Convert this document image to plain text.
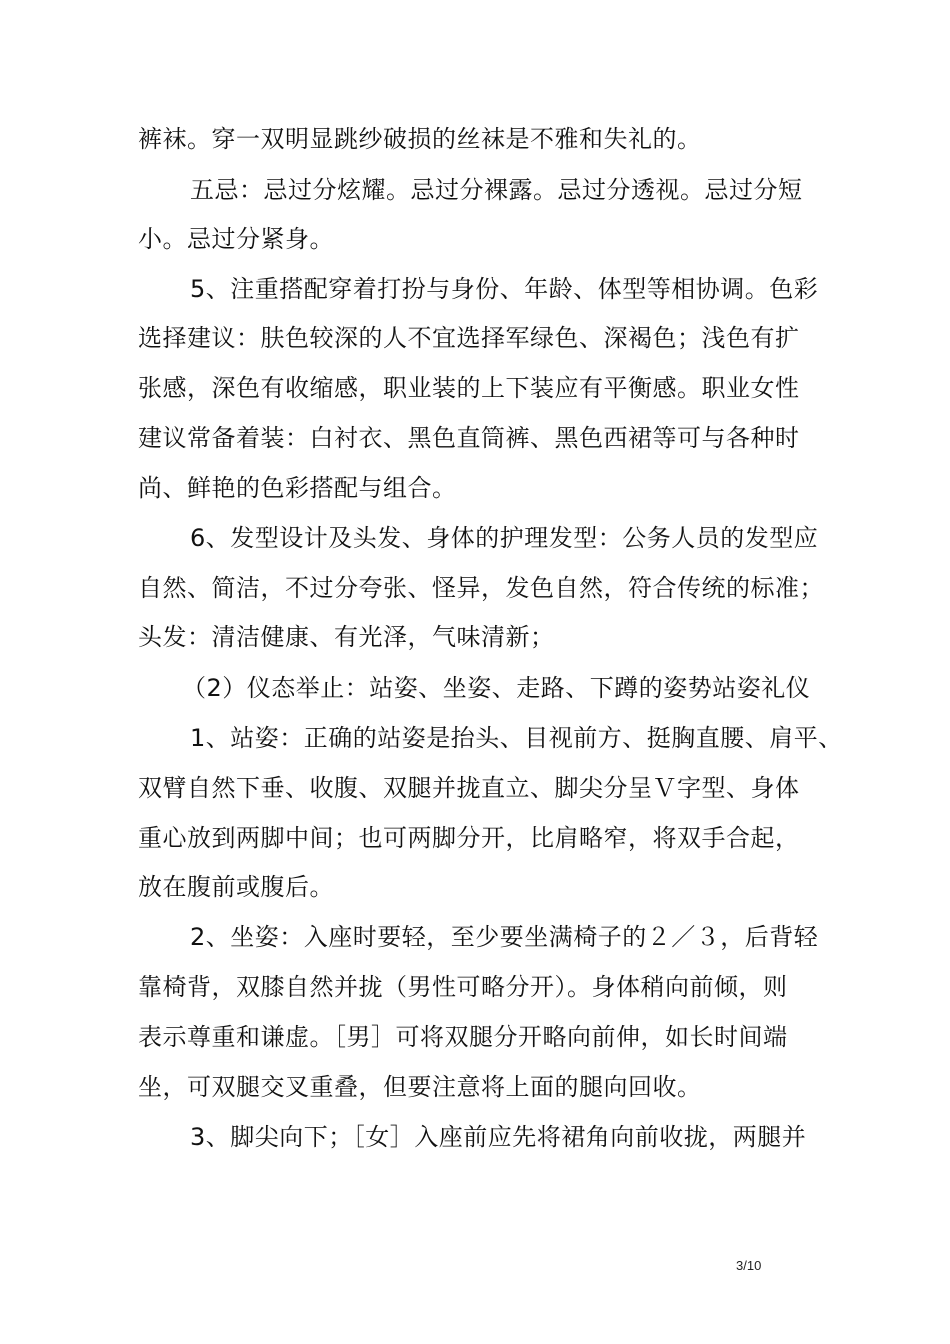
裤袜。穿一双明显跳纱破损的丝袜是不雅和失礼的。
五忌：忌过分炫耀。忌过分裸露。忌过分透视。忌过分短
小。忌过分紧身。
5、注重搭配穿着打扮与身份、年龄、体型等相协调。色彩
选择建议：肤色较深的人不宜选择军绿色、深褐色；浅色有扩
张感，深色有收缩感，职业装的上下装应有平衡感。职业女性
建议常备着装：白衬衣、黑色直筒裤、黑色西裙等可与各种时
尚、鲜艳的色彩搭配与组合。
6、发型设计及头发、身体的护理发型：公务人员的发型应
自然、简洁，不过分夸张、怪异，发色自然，符合传统的标准；
头发：清洁健康、有光泽，气味清新；
（2）仪态举止：站姿、坐姿、走路、下蹲的姿势站姿礼仪
1、站姿：正确的站姿是抬头、目视前方、挺胸直腰、肩平、
双臂自然下垂、收腹、双腿并拢直立、脚尖分呈Ｖ字型、身体
重心放到两脚中间；也可两脚分开，比肩略窄，将双手合起，
放在腹前或腹后。
2、坐姿：入座时要轻，至少要坐满椅子的２／３，后背轻
靠椅背，双膝自然并拢（男性可略分开）。身体稍向前倾，则
表示尊重和谦虚。［男］可将双腿分开略向前伸，如长时间端
坐，可双腿交叉重叠，但要注意将上面的腿向回收。
3、脚尖向下；［女］入座前应先将裙角向前收拢，两腿并
3/10
